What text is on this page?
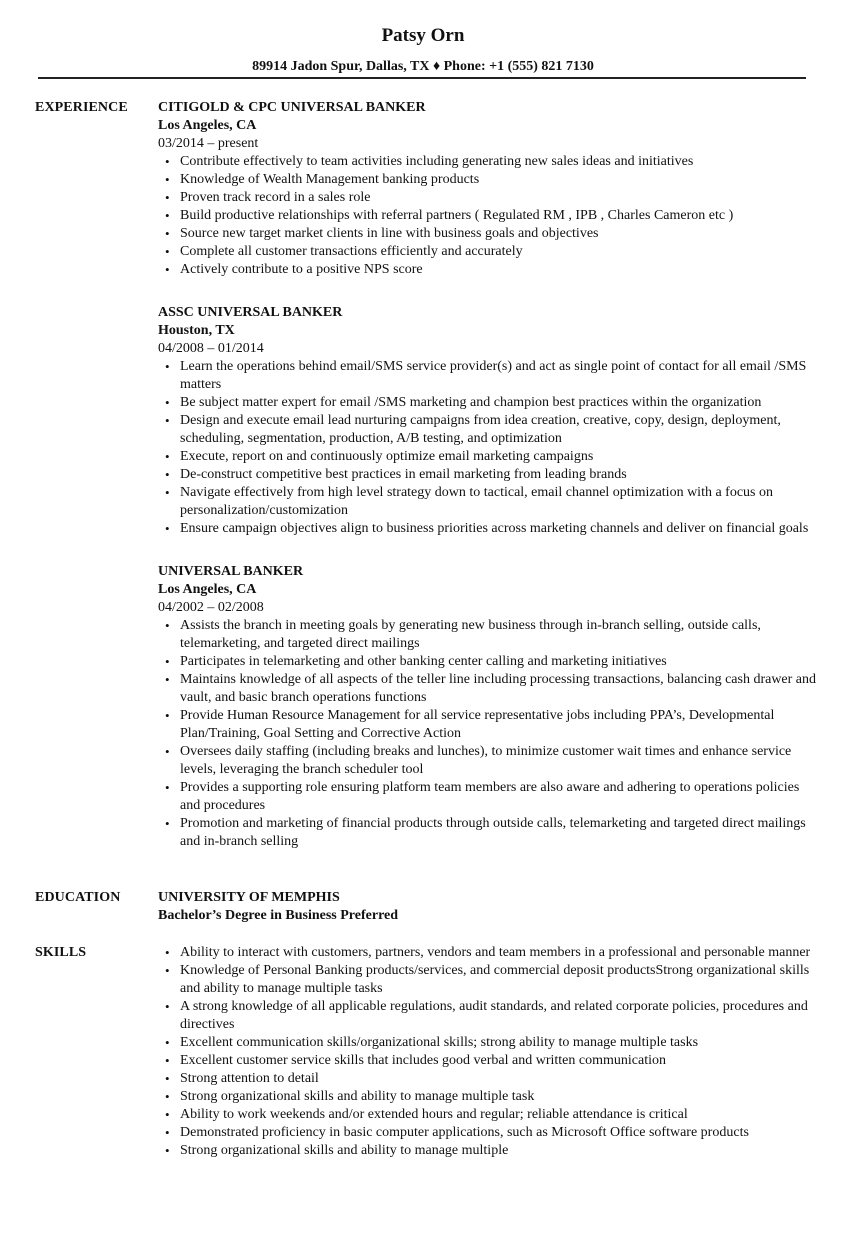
Patsy Orn
89914 Jadon Spur, Dallas, TX ♦ Phone: +1 (555) 821 7130
EXPERIENCE CITIGOLD & CPC UNIVERSAL BANKER
Los Angeles, CA
03/2014 – present
• Contribute effectively to team activities including generating new sales ideas and initiatives
• Knowledge of Wealth Management banking products
• Proven track record in a sales role
• Build productive relationships with referral partners ( Regulated RM , IPB , Charles Cameron etc )
• Source new target market clients in line with business goals and objectives
• Complete all customer transactions efficiently and accurately
• Actively contribute to a positive NPS score
ASSC UNIVERSAL BANKER
Houston, TX
04/2008 – 01/2014
• Learn the operations behind email/SMS service provider(s) and act as single point of contact for all email /SMS matters
• Be subject matter expert for email /SMS marketing and champion best practices within the organization
• Design and execute email lead nurturing campaigns from idea creation, creative, copy, design, deployment, scheduling, segmentation, production, A/B testing, and optimization
• Execute, report on and continuously optimize email marketing campaigns
• De-construct competitive best practices in email marketing from leading brands
• Navigate effectively from high level strategy down to tactical, email channel optimization with a focus on personalization/customization
• Ensure campaign objectives align to business priorities across marketing channels and deliver on financial goals
UNIVERSAL BANKER
Los Angeles, CA
04/2002 – 02/2008
• Assists the branch in meeting goals by generating new business through in-branch selling, outside calls, telemarketing, and targeted direct mailings
• Participates in telemarketing and other banking center calling and marketing initiatives
• Maintains knowledge of all aspects of the teller line including processing transactions, balancing cash drawer and vault, and basic branch operations functions
• Provide Human Resource Management for all service representative jobs including PPA’s, Developmental Plan/Training, Goal Setting and Corrective Action
• Oversees daily staffing (including breaks and lunches), to minimize customer wait times and enhance service levels, leveraging the branch scheduler tool
• Provides a supporting role ensuring platform team members are also aware and adhering to operations policies and procedures
• Promotion and marketing of financial products through outside calls, telemarketing and targeted direct mailings and in-branch selling
EDUCATION	UNIVERSITY OF MEMPHIS
Bachelor’s Degree in Business Preferred
SKILLS
•	Ability to interact with customers, partners, vendors and team members in a professional and personable manner
• Knowledge of Personal Banking products/services, and commercial deposit productsStrong organizational skills and ability to manage multiple tasks
• A strong knowledge of all applicable regulations, audit standards, and related corporate policies, procedures and directives
• Excellent communication skills/organizational skills; strong ability to manage multiple tasks
• Excellent customer service skills that includes good verbal and written communication
• Strong attention to detail
• Strong organizational skills and ability to manage multiple task
• Ability to work weekends and/or extended hours and regular; reliable attendance is critical
• Demonstrated proficiency in basic computer applications, such as Microsoft Office software products
• Strong organizational skills and ability to manage multiple
